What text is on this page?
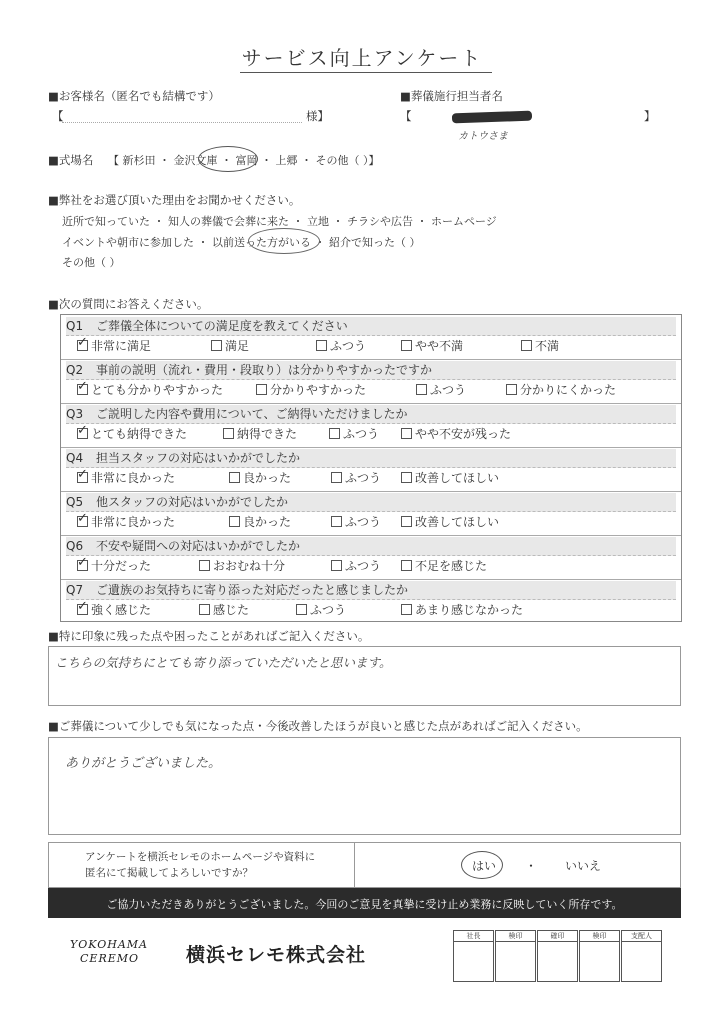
サービス向上アンケート
■お客様名（匿名でも結構です）
【	様】
■葬儀施行担当者名
【	】
カトウさま
■式場名 【 新杉田 ・ 金沢文庫 ・ 富岡 ・ 上郷 ・ その他（ ）】
■弊社をお選び頂いた理由をお聞かせください。
近所で知っていた ・ 知人の葬儀で会葬に来た ・ 立地 ・ チラシや広告 ・ ホームページ
イベントや朝市に参加した ・ 以前送った方がいる ・ 紹介で知った（ ）
その他（ ）
■次の質問にお答えください。
Q1 ご葬儀全体についての満足度を教えてください
✓非常に満足	満足	ふつう	やや不満	不満
Q2 事前の説明（流れ・費用・段取り）は分かりやすかったですか
✓とても分かりやすかった	分かりやすかった	ふつう	分かりにくかった
Q3 ご説明した内容や費用について、ご納得いただけましたか
✓とても納得できた	納得できた	ふつう	やや不安が残った
Q4 担当スタッフの対応はいかがでしたか
✓非常に良かった	良かった	ふつう	改善してほしい
Q5 他スタッフの対応はいかがでしたか
✓非常に良かった	良かった	ふつう	改善してほしい
Q6 不安や疑問への対応はいかがでしたか
✓十分だった	おおむね十分	ふつう	不足を感じた
Q7 ご遺族のお気持ちに寄り添った対応だったと感じましたか
✓強く感じた	感じた	ふつう	あまり感じなかった
■特に印象に残った点や困ったことがあればご記入ください。
こちらの気持ちにとても寄り添っていただいたと思います。
■ご葬儀について少しでも気になった点・今後改善したほうが良いと感じた点があればご記入ください。
ありがとうございました。
アンケートを横浜セレモのホームページや資料に
匿名にて掲載してよろしいですか？	はい ・ いいえ
ご協力いただきありがとうございました。今回のご意見を真摯に受け止め業務に反映していく所存です。
YOKOHAMA
CEREMO 横浜セレモ株式会社
社長	検印	確印	検印	支配人
